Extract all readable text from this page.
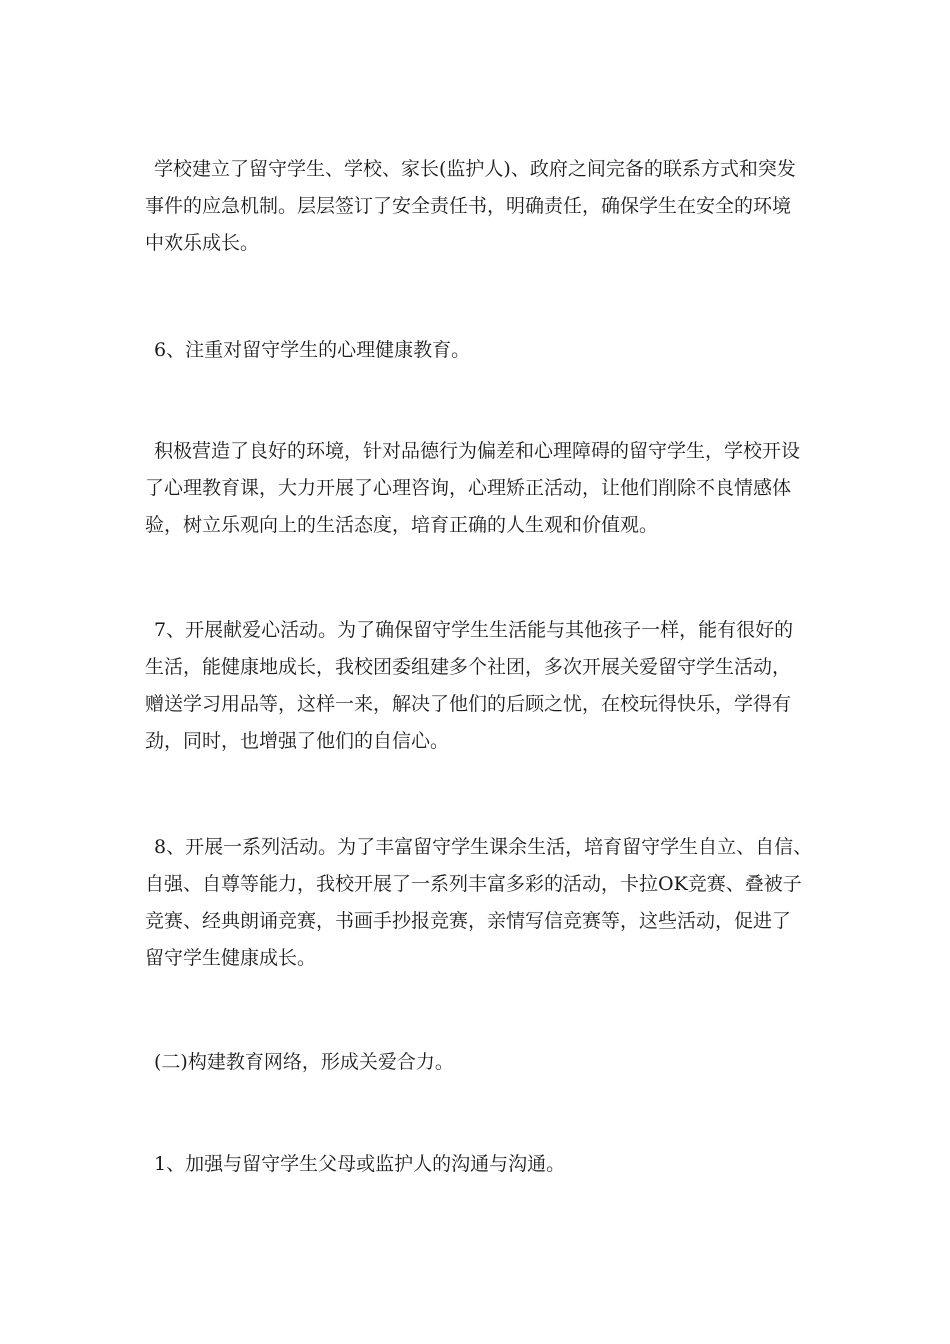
学校建立了留守学生、学校、家长(监护人)、政府之间完备的联系方式和突发
事件的应急机制。层层签订了安全责任书，明确责任，确保学生在安全的环境
中欢乐成长。
6、注重对留守学生的心理健康教育。
积极营造了良好的环境，针对品德行为偏差和心理障碍的留守学生，学校开设
了心理教育课，大力开展了心理咨询，心理矫正活动，让他们削除不良情感体
验，树立乐观向上的生活态度，培育正确的人生观和价值观。
7、开展献爱心活动。为了确保留守学生生活能与其他孩子一样，能有很好的
生活，能健康地成长，我校团委组建多个社团，多次开展关爱留守学生活动，
赠送学习用品等，这样一来，解决了他们的后顾之忧，在校玩得快乐，学得有
劲，同时，也增强了他们的自信心。
8、开展一系列活动。为了丰富留守学生课余生活，培育留守学生自立、自信、
自强、自尊等能力，我校开展了一系列丰富多彩的活动，卡拉OK竞赛、叠被子
竞赛、经典朗诵竞赛，书画手抄报竞赛，亲情写信竞赛等，这些活动，促进了
留守学生健康成长。
(二)构建教育网络，形成关爱合力。
1、加强与留守学生父母或监护人的沟通与沟通。
